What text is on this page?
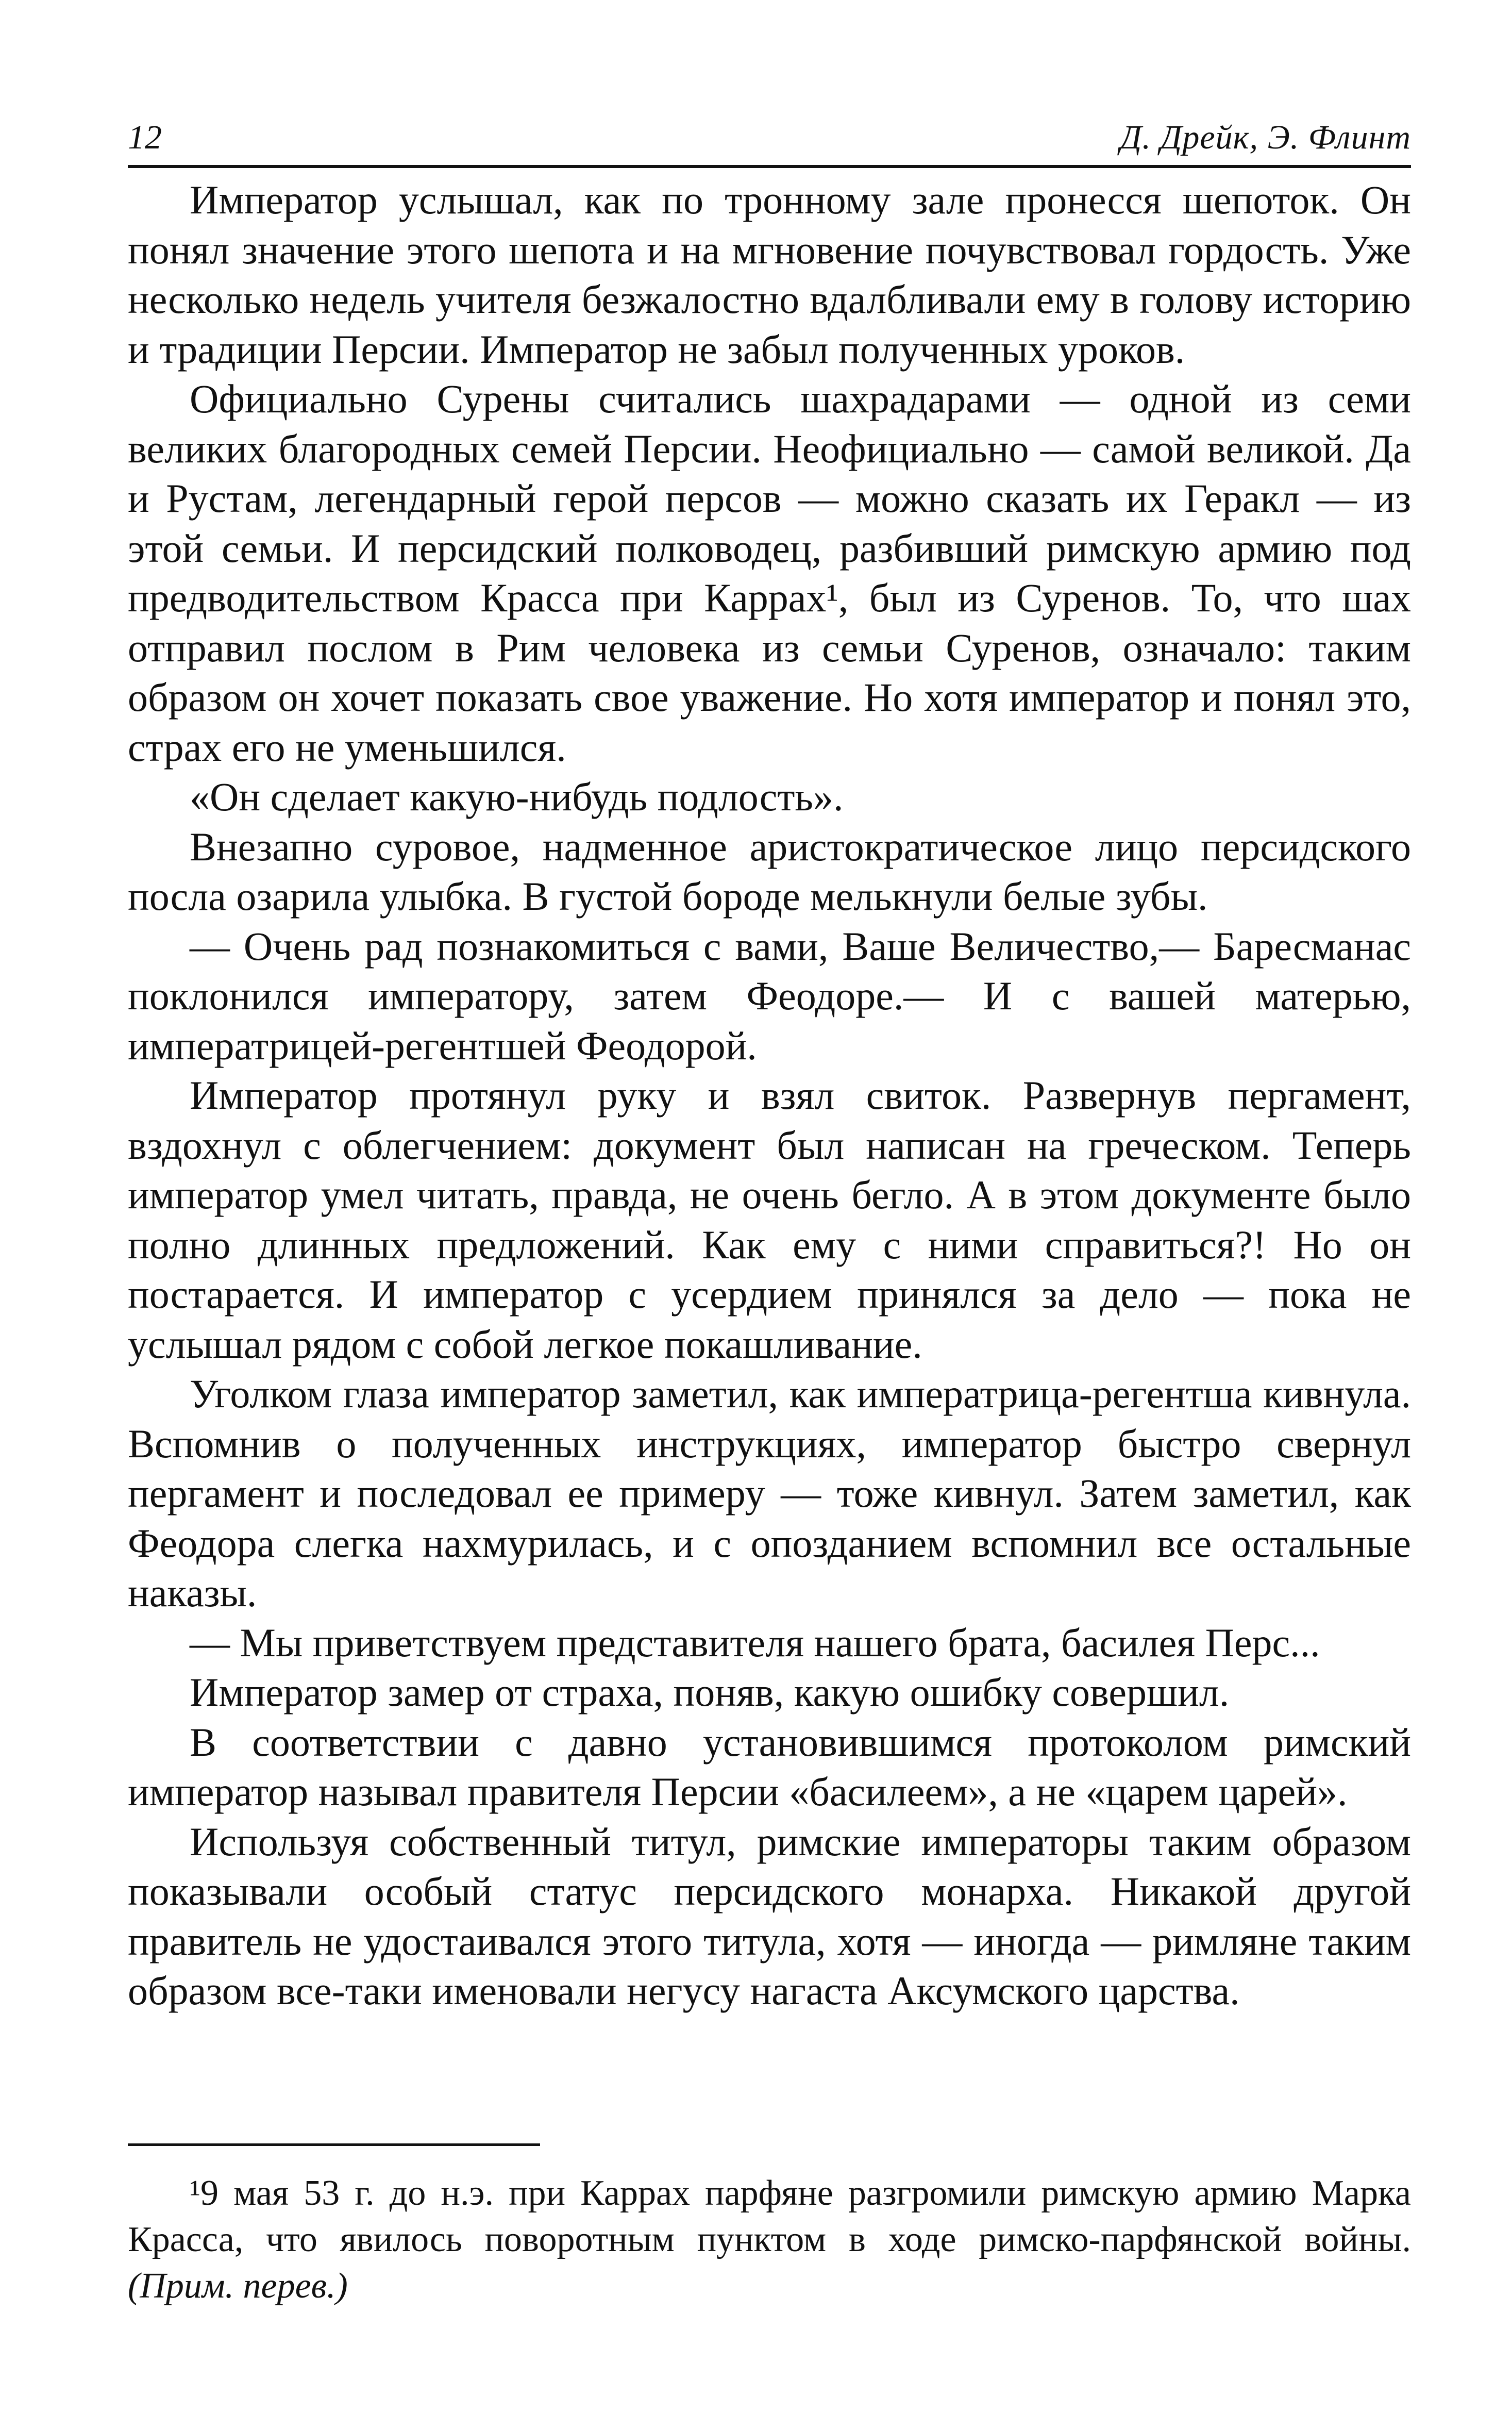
12	Д. Дрейк, Э. Флинт

Император услышал, как по тронному зале пронесся шепоток. Он понял значение этого шепота и на мгновение почувствовал гордость. Уже несколько недель учителя безжалостно вдалбливали ему в голову историю и традиции Персии. Император не забыл полученных уроков.

Официально Сурены считались шахрадарами — одной из семи великих благородных семей Персии. Неофициально — самой великой. Да и Рустам, легендарный герой персов — можно сказать их Геракл — из этой семьи. И персидский полководец, разбивший римскую армию под предводительством Красса при Каррах¹, был из Суренов. То, что шах отправил послом в Рим человека из семьи Суренов, означало: таким образом он хочет показать свое уважение. Но хотя император и понял это, страх его не уменьшился.

«Он сделает какую-нибудь подлость».

Внезапно суровое, надменное аристократическое лицо персидского посла озарила улыбка. В густой бороде мелькнули белые зубы.

— Очень рад познакомиться с вами, Ваше Величество,— Бaресманас поклонился императору, затем Феодоре.— И с вашей матерью, императрицей-регентшей Феодорой.

Император протянул руку и взял свиток. Развернув пергамент, вздохнул с облегчением: документ был написан на греческом. Теперь император умел читать, правда, не очень бегло. А в этом документе было полно длинных предложений. Как ему с ними справиться?! Но он постарается. И император с усердием принялся за дело — пока не услышал рядом с собой легкое покашливание.

Уголком глаза император заметил, как императрица-регентша кивнула. Вспомнив о полученных инструкциях, император быстро свернул пергамент и последовал ее примеру — тоже кивнул. Затем заметил, как Феодора слегка нахмурилась, и с опозданием вспомнил все остальные наказы.

— Мы приветствуем представителя нашего брата, басилея Перс...

Император замер от страха, поняв, какую ошибку совершил.

В соответствии с давно установившимся протоколом римский император называл правителя Персии «басилеем», а не «царем царей».

Используя собственный титул, римские императоры таким образом показывали особый статус персидского монарха. Никакой другой правитель не удостаивался этого титула, хотя — иногда — римляне таким образом все-таки именовали негусу нагаста Аксумского царства.

¹9 мая 53 г. до н.э. при Каррах парфяне разгромили римскую армию Марка Красса, что явилось поворотным пунктом в ходе римско-парфянской войны. (Прим. перев.)
